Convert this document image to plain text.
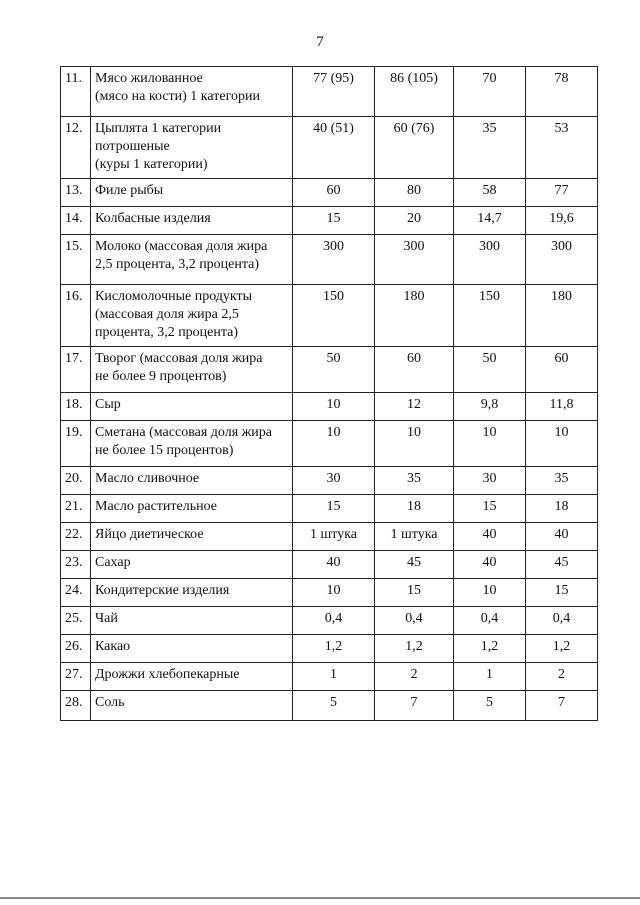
7
11.	Мясо жилованное
(мясо на кости) 1 категории	77 (95)	86 (105)	70	78
12.	Цыплята 1 категории
потрошеные
(куры 1 категории)	40 (51)	60 (76)	35	53
13.	Филе рыбы	60	80	58	77
14.	Колбасные изделия	15	20	14,7	19,6
15.	Молоко (массовая доля жира
2,5 процента, 3,2 процента)	300	300	300	300
16.	Кисломолочные продукты
(массовая доля жира 2,5
процента, 3,2 процента)	150	180	150	180
17.	Творог (массовая доля жира
не более 9 процентов)	50	60	50	60
18.	Сыр	10	12	9,8	11,8
19.	Сметана (массовая доля жира
не более 15 процентов)	10	10	10	10
20.	Масло сливочное	30	35	30	35
21.	Масло растительное	15	18	15	18
22.	Яйцо диетическое	1 штука	1 штука	40	40
23.	Сахар	40	45	40	45
24.	Кондитерские изделия	10	15	10	15
25.	Чай	0,4	0,4	0,4	0,4
26.	Какао	1,2	1,2	1,2	1,2
27.	Дрожжи хлебопекарные	1	2	1	2
28.	Соль	5	7	5	7
